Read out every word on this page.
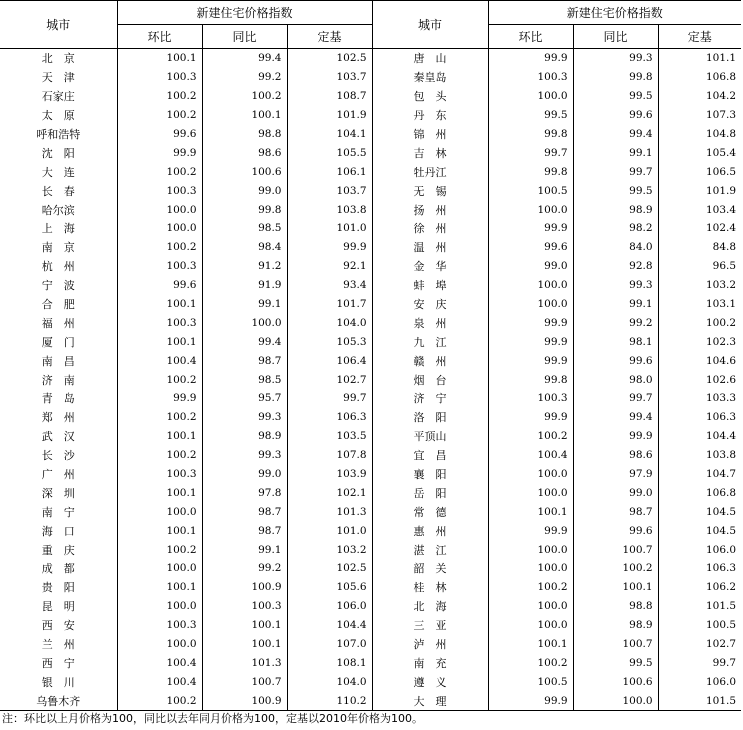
城市	新建住宅价格指数			城市	新建住宅价格指数		
	环比	同比	定基		环比	同比	定基
北　京	100.1	99.4	102.5	唐　山	99.9	99.3	101.1
天　津	100.3	99.2	103.7	秦皇岛	100.3	99.8	106.8
石家庄	100.2	100.2	108.7	包　头	100.0	99.5	104.2
太　原	100.2	100.1	101.9	丹　东	99.5	99.6	107.3
呼和浩特	99.6	98.8	104.1	锦　州	99.8	99.4	104.8
沈　阳	99.9	98.6	105.5	吉　林	99.7	99.1	105.4
大　连	100.2	100.6	106.1	牡丹江	99.8	99.7	106.5
长　春	100.3	99.0	103.7	无　锡	100.5	99.5	101.9
哈尔滨	100.0	99.8	103.8	扬　州	100.0	98.9	103.4
上　海	100.0	98.5	101.0	徐　州	99.9	98.2	102.4
南　京	100.2	98.4	99.9	温　州	99.6	84.0	84.8
杭　州	100.3	91.2	92.1	金　华	99.0	92.8	96.5
宁　波	99.6	91.9	93.4	蚌　埠	100.0	99.3	103.2
合　肥	100.1	99.1	101.7	安　庆	100.0	99.1	103.1
福　州	100.3	100.0	104.0	泉　州	99.9	99.2	100.2
厦　门	100.1	99.4	105.3	九　江	99.9	98.1	102.3
南　昌	100.4	98.7	106.4	赣　州	99.9	99.6	104.6
济　南	100.2	98.5	102.7	烟　台	99.8	98.0	102.6
青　岛	99.9	95.7	99.7	济　宁	100.3	99.7	103.3
郑　州	100.2	99.3	106.3	洛　阳	99.9	99.4	106.3
武　汉	100.1	98.9	103.5	平顶山	100.2	99.9	104.4
长　沙	100.2	99.3	107.8	宜　昌	100.4	98.6	103.8
广　州	100.3	99.0	103.9	襄　阳	100.0	97.9	104.7
深　圳	100.1	97.8	102.1	岳　阳	100.0	99.0	106.8
南　宁	100.0	98.7	101.3	常　德	100.1	98.7	104.5
海　口	100.1	98.7	101.0	惠　州	99.9	99.6	104.5
重　庆	100.2	99.1	103.2	湛　江	100.0	100.7	106.0
成　都	100.0	99.2	102.5	韶　关	100.0	100.2	106.3
贵　阳	100.1	100.9	105.6	桂　林	100.2	100.1	106.2
昆　明	100.0	100.3	106.0	北　海	100.0	98.8	101.5
西　安	100.3	100.1	104.4	三　亚	100.0	98.9	100.5
兰　州	100.0	100.1	107.0	泸　州	100.1	100.7	102.7
西　宁	100.4	101.3	108.1	南　充	100.2	99.5	99.7
银　川	100.4	100.7	104.0	遵　义	100.5	100.6	106.0
乌鲁木齐	100.2	100.9	110.2	大　理	99.9	100.0	101.5
注：环比以上月价格为100，同比以去年同月价格为100，定基以2010年价格为100。
